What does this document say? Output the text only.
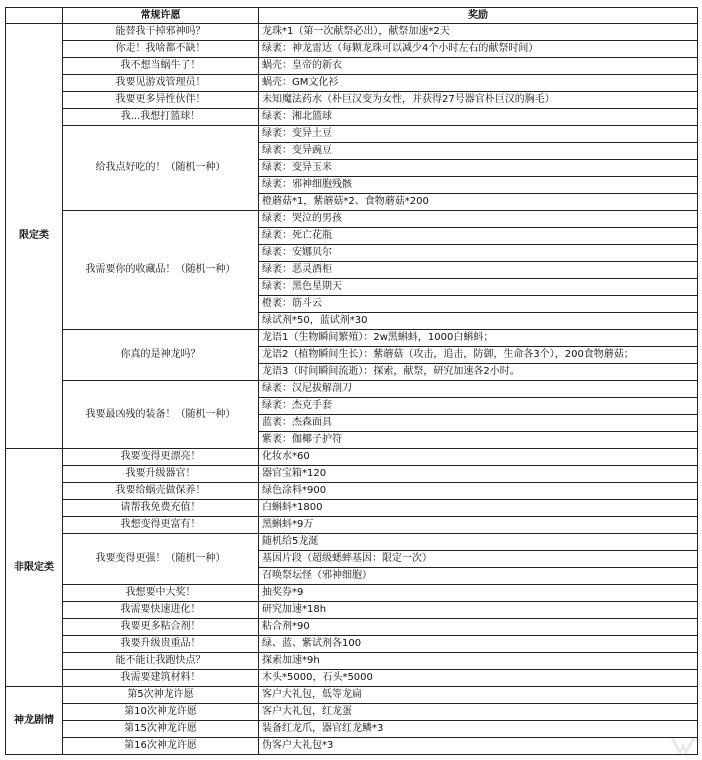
	常规许愿	奖励
限定类	能替我干掉邪神吗？	龙珠*1（第一次献祭必出），献祭加速*2天
	你走！我啥都不缺！	绿袤：神龙雷达（每颗龙珠可以减少4个小时左右的献祭时间）
	我不想当蜗牛了！	蜗壳：皇帝的新衣
	我要见游戏管理员！	蜗壳：GM文化衫
	我要更多异性伙伴！	未知魔法药水（朴巨汉变为女性，并获得27号器官朴巨汉的胸毛）
	我...我想打篮球！	绿袤：湘北篮球
	给我点好吃的！（随机一种）	绿袤：变异土豆
		绿袤：变异豌豆
		绿袤：变异玉米
		绿袤：邪神细胞残骸
		橙蘑菇*1，紫蘑菇*2、食物蘑菇*200
	我需要你的收藏品！（随机一种）	绿袤：哭泣的男孩
		绿袤：死亡花瓶
		绿袤：安娜贝尔
		绿袤：恶灵酒柜
		绿袤：黑色星期天
		橙袤：筋斗云
		绿试剂*50，蓝试剂*30
	你真的是神龙吗？	龙语1（生物瞬间繁殖）：2w黑蝌蚪，1000白蝌蚪；
		龙语2（植物瞬间生长）：紫蘑菇（攻击，追击，防御，生命各3个），200食物蘑菇；
		龙语3（时间瞬间流逝）：探索，献祭，研究加速各2小时。
	我要最凶残的装备！（随机一种）	绿袤：汉尼拔解剖刀
		绿袤：杰克手套
		蓝袤：杰森面具
		紫袤：伽椰子护符
非限定类	我要变得更漂亮！	化妆水*60
	我要升级器官！	器官宝箱*120
	我要给蜗壳做保养！	绿色涂料*900
	请帮我免费充值！	白蝌蚪*1800
	我想变得更富有！	黑蝌蚪*9万
	我要变得更强！（随机一种）	随机给5龙涎
		基因片段（超级蟋蟀基因：限定一次）
		召唤祭坛怪（邪神细胞）
	我想要中大奖！	抽奖券*9
	我需要快速进化！	研究加速*18h
	我要更多粘合剂！	粘合剂*90
	我要升级贵重品！	绿、蓝、紫试剂各100
	能不能让我跑快点？	探索加速*9h
	我需要建筑材料！	木头*5000，石头*5000
神龙剧情	第5次神龙许愿	客户大礼包，低等龙扁
	第10次神龙许愿	客户大礼包，红龙蛋
	第15次神龙许愿	装备红龙爪，器官红龙鳞*3
	第16次神龙许愿	伪客户大礼包*3
